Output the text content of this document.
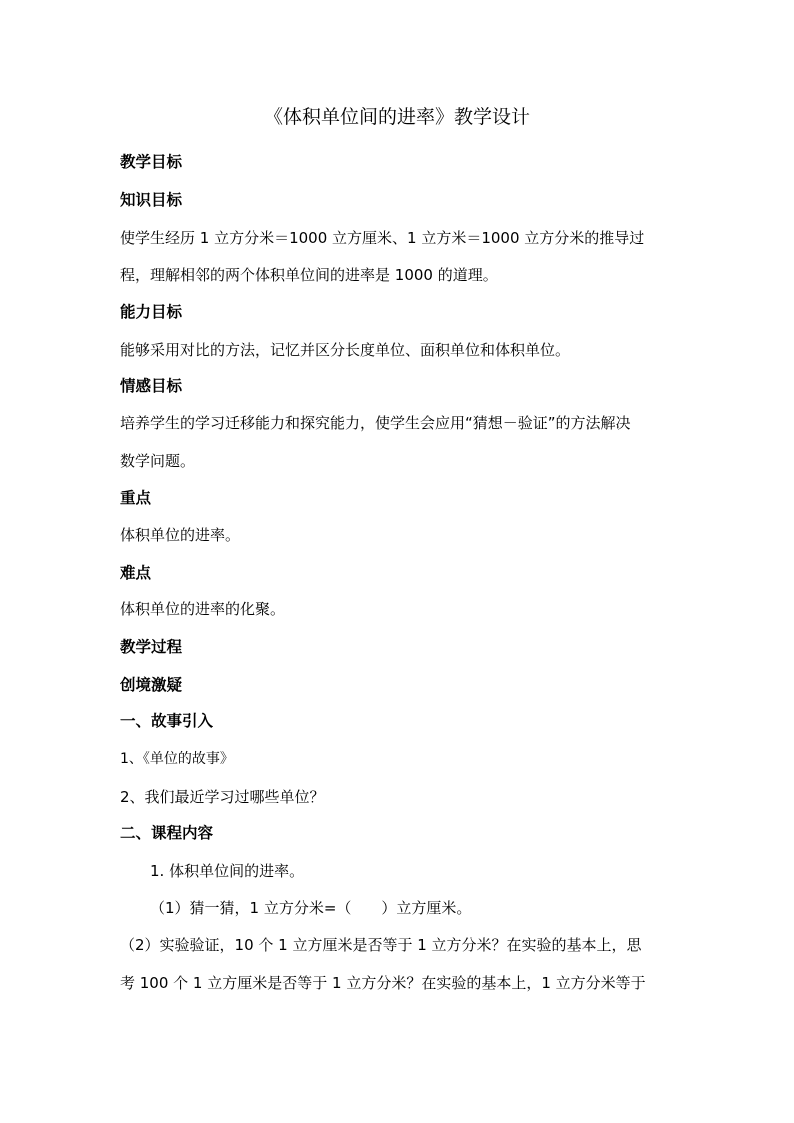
《体积单位间的进率》教学设计
教学目标
知识目标
使学生经历 1 立方分米＝1000 立方厘米、1 立方米＝1000 立方分米的推导过
程，理解相邻的两个体积单位间的进率是 1000 的道理。
能力目标
能够采用对比的方法，记忆并区分长度单位、面积单位和体积单位。
情感目标
培养学生的学习迁移能力和探究能力，使学生会应用“猜想－验证”的方法解决
数学问题。
重点
体积单位的进率。
难点
体积单位的进率的化聚。
教学过程
创境激疑
一、故事引入
1、《单位的故事》
2、我们最近学习过哪些单位？
二、课程内容
1. 体积单位间的进率。
（1）猜一猜，1 立方分米=（　　）立方厘米。
（2）实验验证，10 个 1 立方厘米是否等于 1 立方分米？在实验的基本上，思
考 100 个 1 立方厘米是否等于 1 立方分米？在实验的基本上，1 立方分米等于
